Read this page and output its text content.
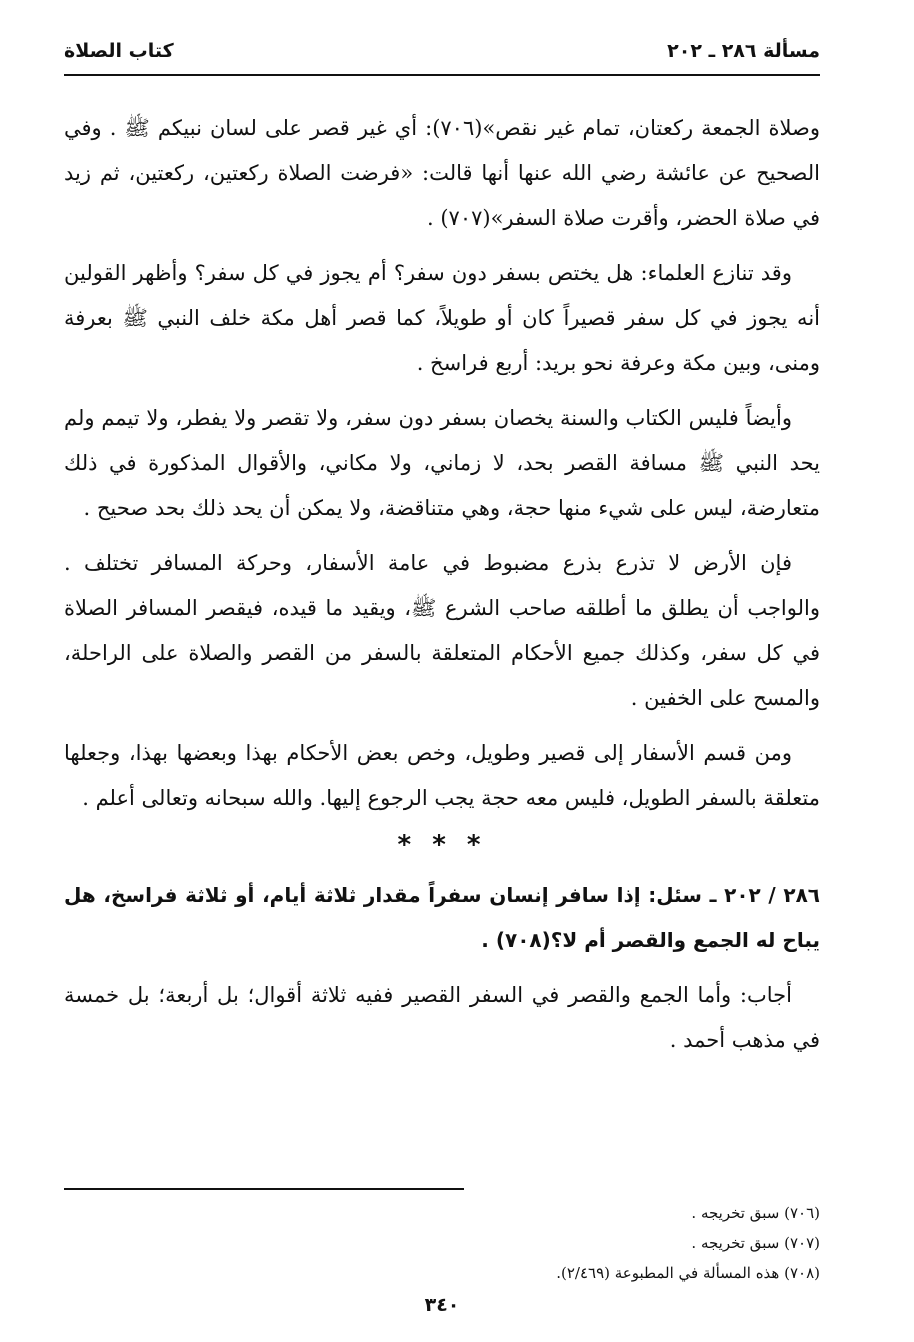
مسألة ٢٨٦ ـ ٢٠٢
كتاب الصلاة

وصلاة الجمعة ركعتان، تمام غير نقص»(٧٠٦): أي غير قصر على لسان نبيكم ﷺ . وفي الصحيح عن عائشة رضي الله عنها أنها قالت: «فرضت الصلاة ركعتين، ركعتين، ثم زيد في صلاة الحضر، وأقرت صلاة السفر»(٧٠٧) .

وقد تنازع العلماء: هل يختص بسفر دون سفر؟ أم يجوز في كل سفر؟ وأظهر القولين أنه يجوز في كل سفر قصيراً كان أو طويلاً، كما قصر أهل مكة خلف النبي ﷺ بعرفة ومنى، وبين مكة وعرفة نحو بريد: أربع فراسخ .

وأيضاً فليس الكتاب والسنة يخصان بسفر دون سفر، ولا تقصر ولا يفطر، ولا تيمم ولم يحد النبي ﷺ مسافة القصر بحد، لا زماني، ولا مكاني، والأقوال المذكورة في ذلك متعارضة، ليس على شيء منها حجة، وهي متناقضة، ولا يمكن أن يحد ذلك بحد صحيح .

فإن الأرض لا تذرع بذرع مضبوط في عامة الأسفار، وحركة المسافر تختلف . والواجب أن يطلق ما أطلقه صاحب الشرع ﷺ، ويقيد ما قيده، فيقصر المسافر الصلاة في كل سفر، وكذلك جميع الأحكام المتعلقة بالسفر من القصر والصلاة على الراحلة، والمسح على الخفين .

ومن قسم الأسفار إلى قصير وطويل، وخص بعض الأحكام بهذا وبعضها بهذا، وجعلها متعلقة بالسفر الطويل، فليس معه حجة يجب الرجوع إليها. والله سبحانه وتعالى أعلم .

* * *

٢٨٦ / ٢٠٢ ـ سئل: إذا سافر إنسان سفراً مقدار ثلاثة أيام، أو ثلاثة فراسخ، هل يباح له الجمع والقصر أم لا؟(٧٠٨) .

أجاب: وأما الجمع والقصر في السفر القصير ففيه ثلاثة أقوال؛ بل أربعة؛ بل خمسة في مذهب أحمد .

(٧٠٦) سبق تخريجه .

(٧٠٧) سبق تخريجه .

(٧٠٨) هذه المسألة في المطبوعة (٢/٤٦٩).

٣٤٠
